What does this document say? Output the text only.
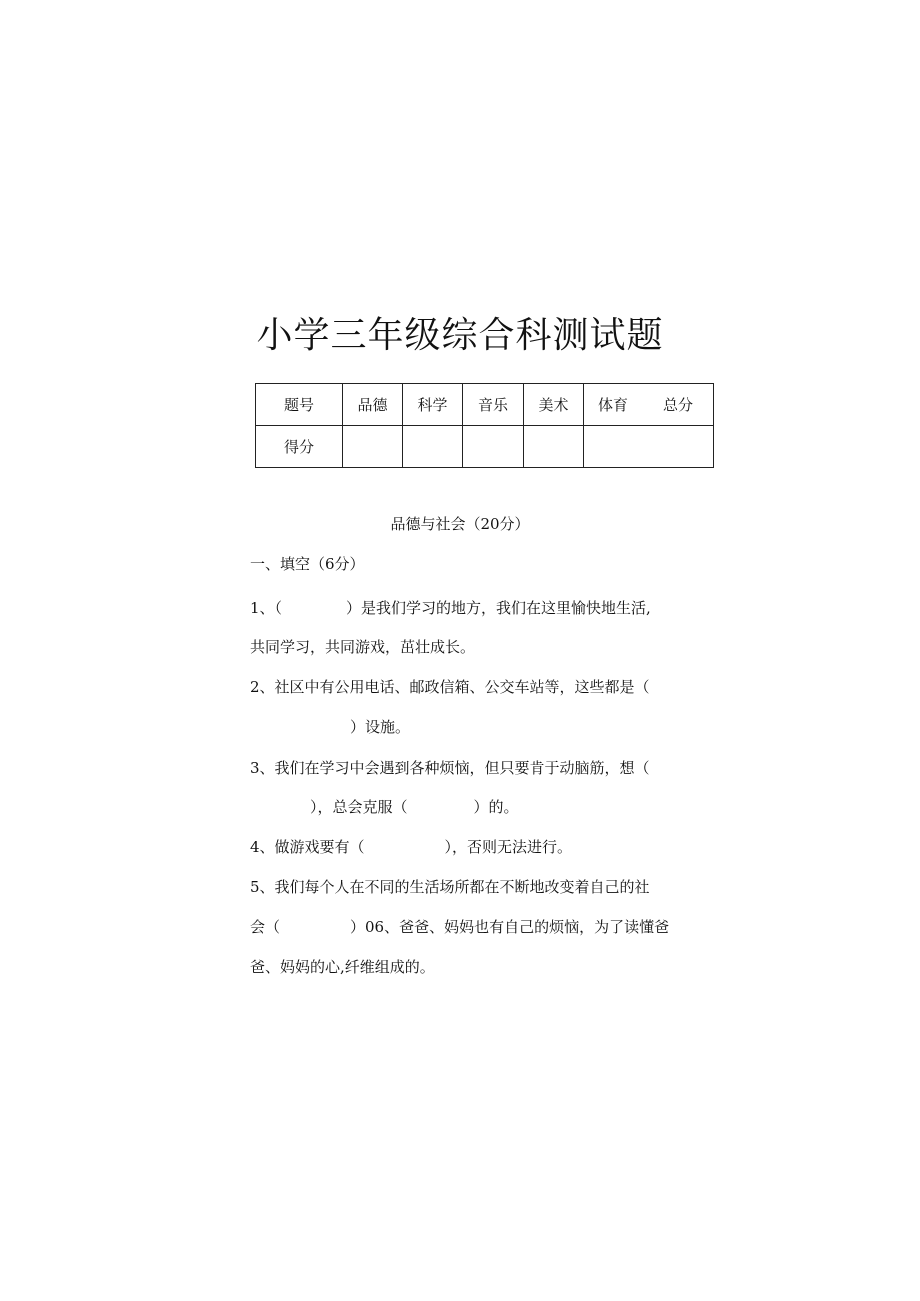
小学三年级综合科测试题
题号	品德	科学	音乐	美术	体育 总分

得分					
品德与社会（20分）
一、填空（6分）
1、（	）是我们学习的地方，我们在这里愉快地生活,
共同学习，共同游戏，茁壮成长。
2、社区中有公用电话、邮政信箱、公交车站等，这些都是（
）设施。
3、我们在学习中会遇到各种烦恼，但只要肯于动脑筋，想（
），总会克服（	）的。
4、做游戏要有（	），否则无法进行。
5、我们每个人在不同的生活场所都在不断地改变着自己的社
会（	）06、爸爸、妈妈也有自己的烦恼，为了读懂爸
爸、妈妈的心,纤维组成的。
